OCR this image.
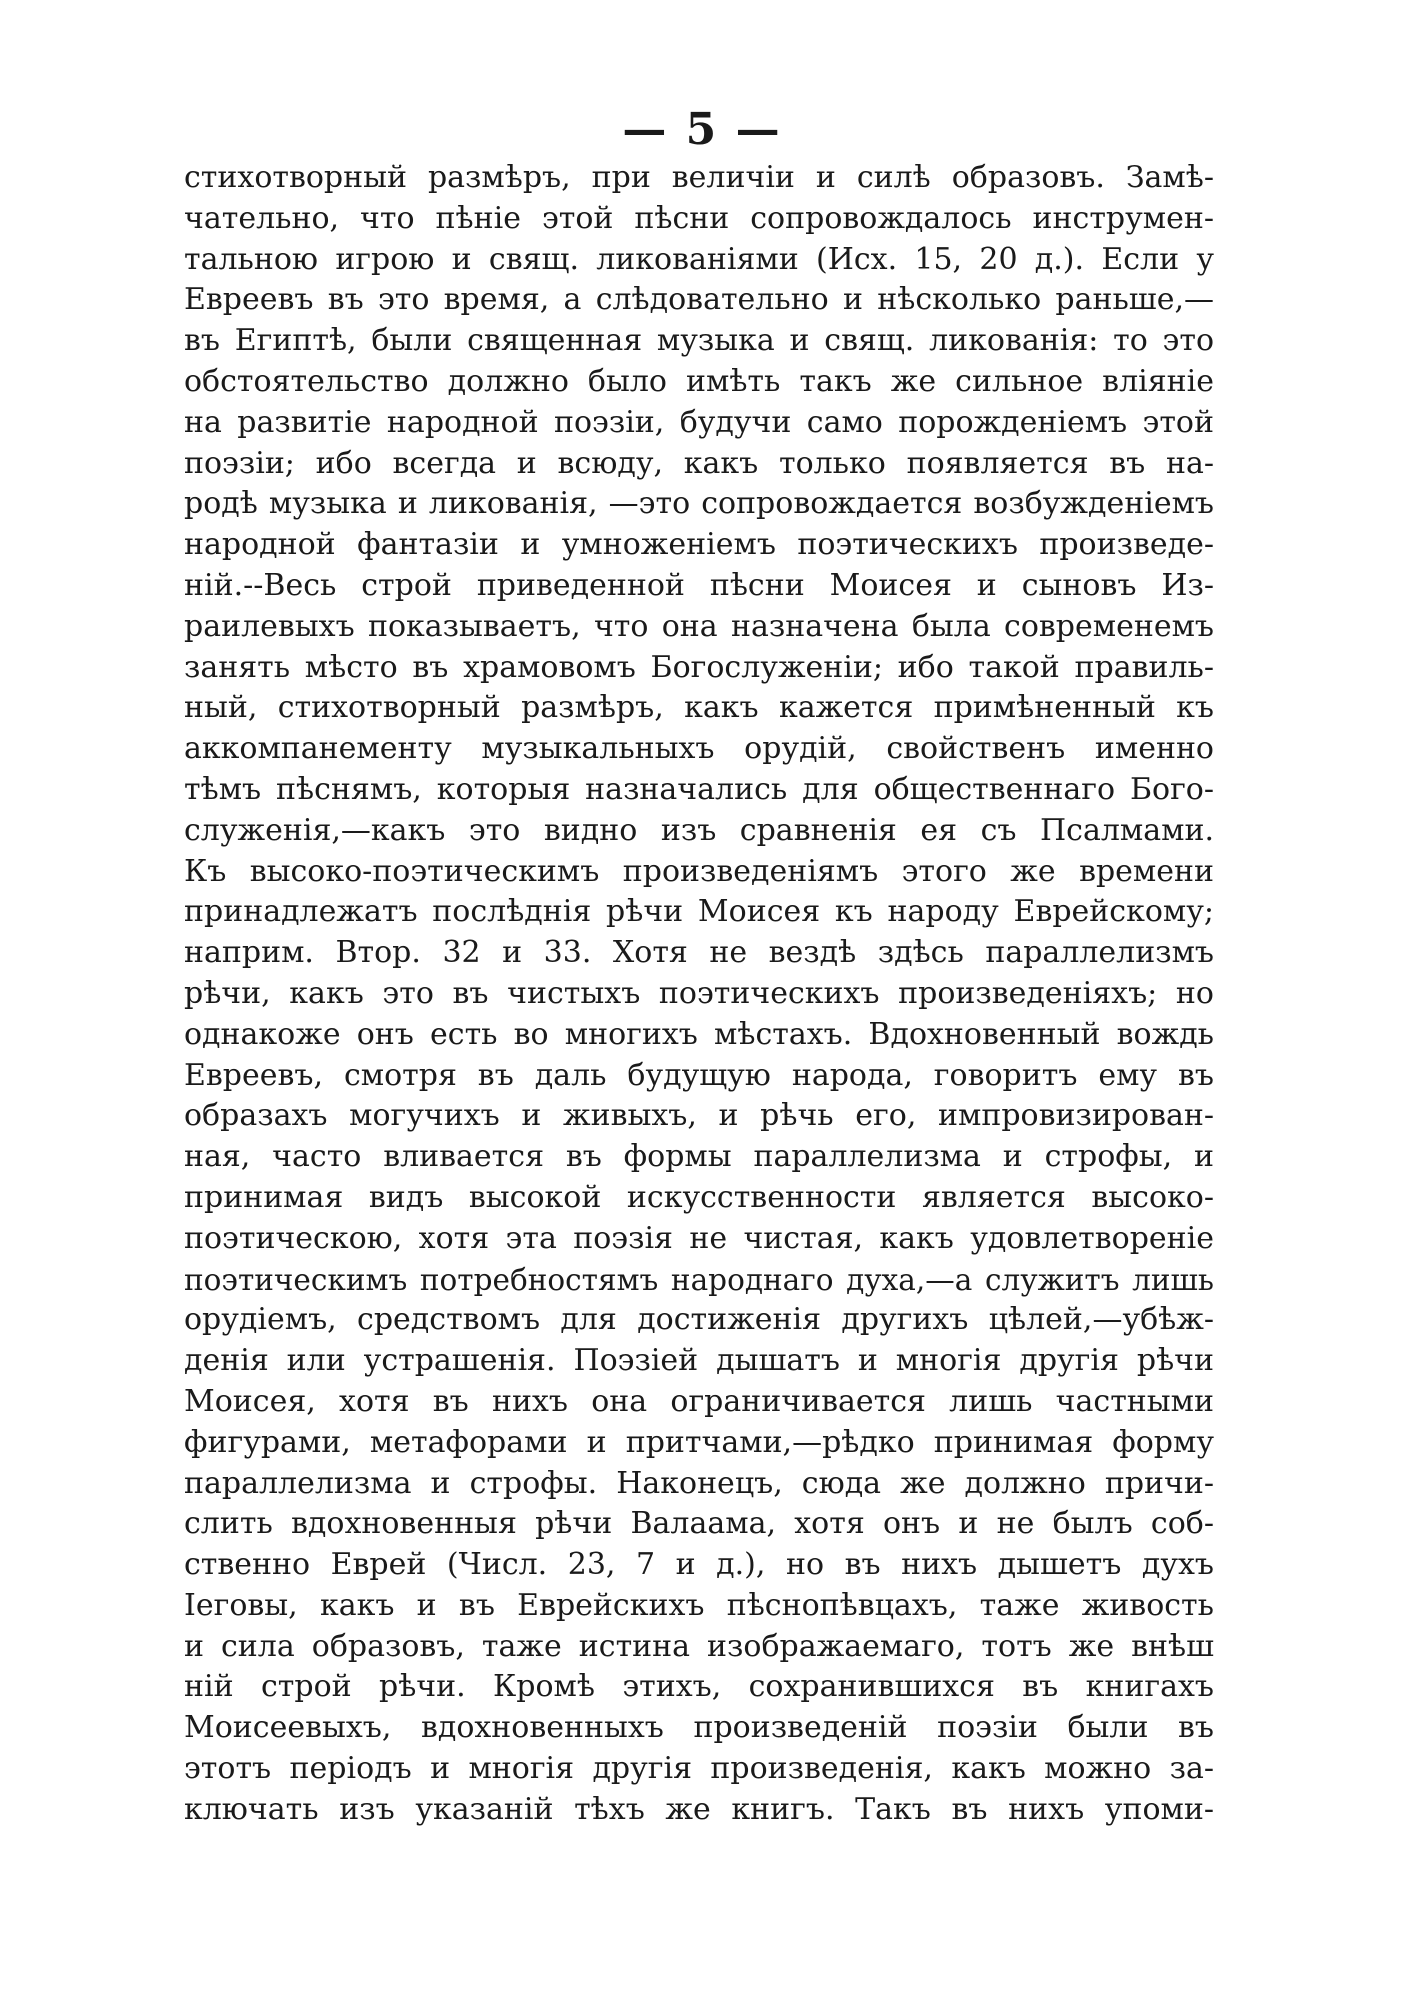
— 5 —
стихотворный размѣръ, при величіи и силѣ образовъ. Замѣ-
чательно, что пѣніе этой пѣсни сопровождалось инструмен-
тальною игрою и свящ. ликованіями (Исх. 15, 20 д.). Если у
Евреевъ въ это время, а слѣдовательно и нѣсколько раньше,—
въ Египтѣ, были священная музыка и свящ. ликованія: то это
обстоятельство должно было имѣть такъ же сильное вліяніе
на развитіе народной поэзіи, будучи само порожденіемъ этой
поэзіи; ибо всегда и всюду, какъ только появляется въ на-
родѣ музыка и ликованія, —это сопровождается возбужденіемъ
народной фантазіи и умноженіемъ поэтическихъ произведе-
ній.--Весь строй приведенной пѣсни Моисея и сыновъ Из-
раилевыхъ показываетъ, что она назначена была современемъ
занять мѣсто въ храмовомъ Богослуженіи; ибо такой правиль-
ный, стихотворный размѣръ, какъ кажется примѣненный къ
аккомпанементу музыкальныхъ орудій, свойственъ именно
тѣмъ пѣснямъ, которыя назначались для общественнаго Бого-
служенія,—какъ это видно изъ сравненія ея съ Псалмами.
Къ высоко-поэтическимъ произведеніямъ этого же времени
принадлежатъ послѣднія рѣчи Моисея къ народу Еврейскому;
наприм. Втор. 32 и 33. Хотя не вездѣ здѣсь параллелизмъ
рѣчи, какъ это въ чистыхъ поэтическихъ произведеніяхъ; но
однакоже онъ есть во многихъ мѣстахъ. Вдохновенный вождь
Евреевъ, смотря въ даль будущую народа, говоритъ ему въ
образахъ могучихъ и живыхъ, и рѣчь его, импровизирован-
ная, часто вливается въ формы параллелизма и строфы, и
принимая видъ высокой искусственности является высоко-
поэтическою, хотя эта поэзія не чистая, какъ удовлетвореніе
поэтическимъ потребностямъ народнаго духа,—а служитъ лишь
орудіемъ, средствомъ для достиженія другихъ цѣлей,—убѣж-
денія или устрашенія. Поэзіей дышатъ и многія другія рѣчи
Моисея, хотя въ нихъ она ограничивается лишь частными
фигурами, метафорами и притчами,—рѣдко принимая форму
параллелизма и строфы. Наконецъ, сюда же должно причи-
слить вдохновенныя рѣчи Валаама, хотя онъ и не былъ соб-
ственно Еврей (Числ. 23, 7 и д.), но въ нихъ дышетъ духъ
Іеговы, какъ и въ Еврейскихъ пѣснопѣвцахъ, таже живость
и сила образовъ, таже истина изображаемаго, тотъ же внѣш
ній строй рѣчи. Кромѣ этихъ, сохранившихся въ книгахъ
Моисеевыхъ, вдохновенныхъ произведеній поэзіи были въ
этотъ періодъ и многія другія произведенія, какъ можно за-
ключать изъ указаній тѣхъ же книгъ. Такъ въ нихъ упоми-
